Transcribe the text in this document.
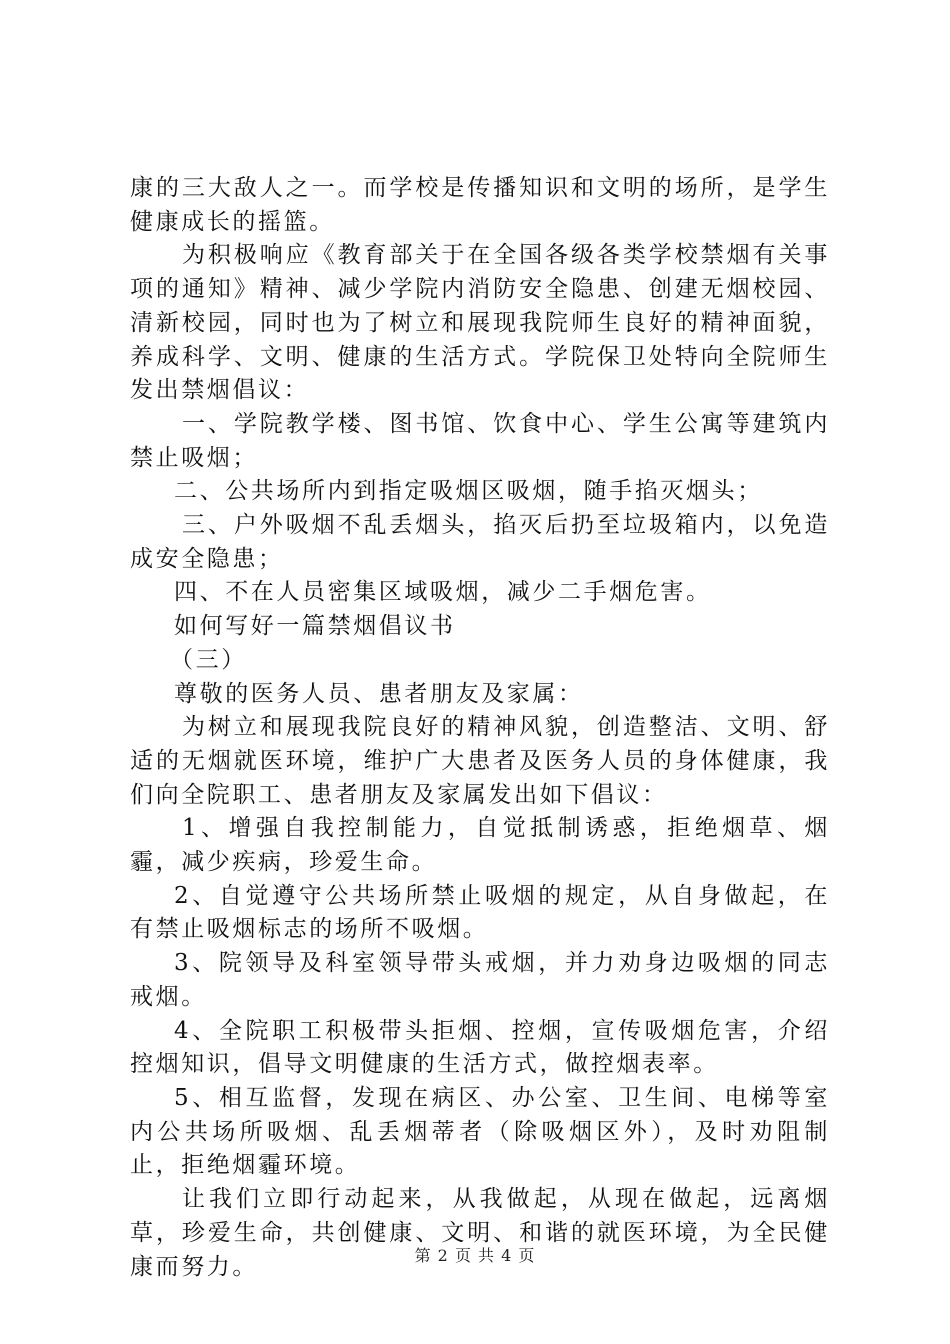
康的三大敌人之一。而学校是传播知识和文明的场所，是学生健康成长的摇篮。

为积极响应《教育部关于在全国各级各类学校禁烟有关事项的通知》精神、减少学院内消防安全隐患、创建无烟校园、清新校园，同时也为了树立和展现我院师生良好的精神面貌，养成科学、文明、健康的生活方式。学院保卫处特向全院师生发出禁烟倡议：

一、学院教学楼、图书馆、饮食中心、学生公寓等建筑内禁止吸烟；

二、公共场所内到指定吸烟区吸烟，随手掐灭烟头；

三、户外吸烟不乱丢烟头，掐灭后扔至垃圾箱内，以免造成安全隐患；

四、不在人员密集区域吸烟，减少二手烟危害。

如何写好一篇禁烟倡议书

（三）

尊敬的医务人员、患者朋友及家属：

为树立和展现我院良好的精神风貌，创造整洁、文明、舒适的无烟就医环境，维护广大患者及医务人员的身体健康，我们向全院职工、患者朋友及家属发出如下倡议：

1、增强自我控制能力，自觉抵制诱惑，拒绝烟草、烟霾，减少疾病，珍爱生命。

2、自觉遵守公共场所禁止吸烟的规定，从自身做起，在有禁止吸烟标志的场所不吸烟。

3、院领导及科室领导带头戒烟，并力劝身边吸烟的同志戒烟。

4、全院职工积极带头拒烟、控烟，宣传吸烟危害，介绍控烟知识，倡导文明健康的生活方式，做控烟表率。

5、相互监督，发现在病区、办公室、卫生间、电梯等室内公共场所吸烟、乱丢烟蒂者（除吸烟区外），及时劝阻制止，拒绝烟霾环境。

让我们立即行动起来，从我做起，从现在做起，远离烟草，珍爱生命，共创健康、文明、和谐的就医环境，为全民健康而努力。	第 2 页 共 4 页
